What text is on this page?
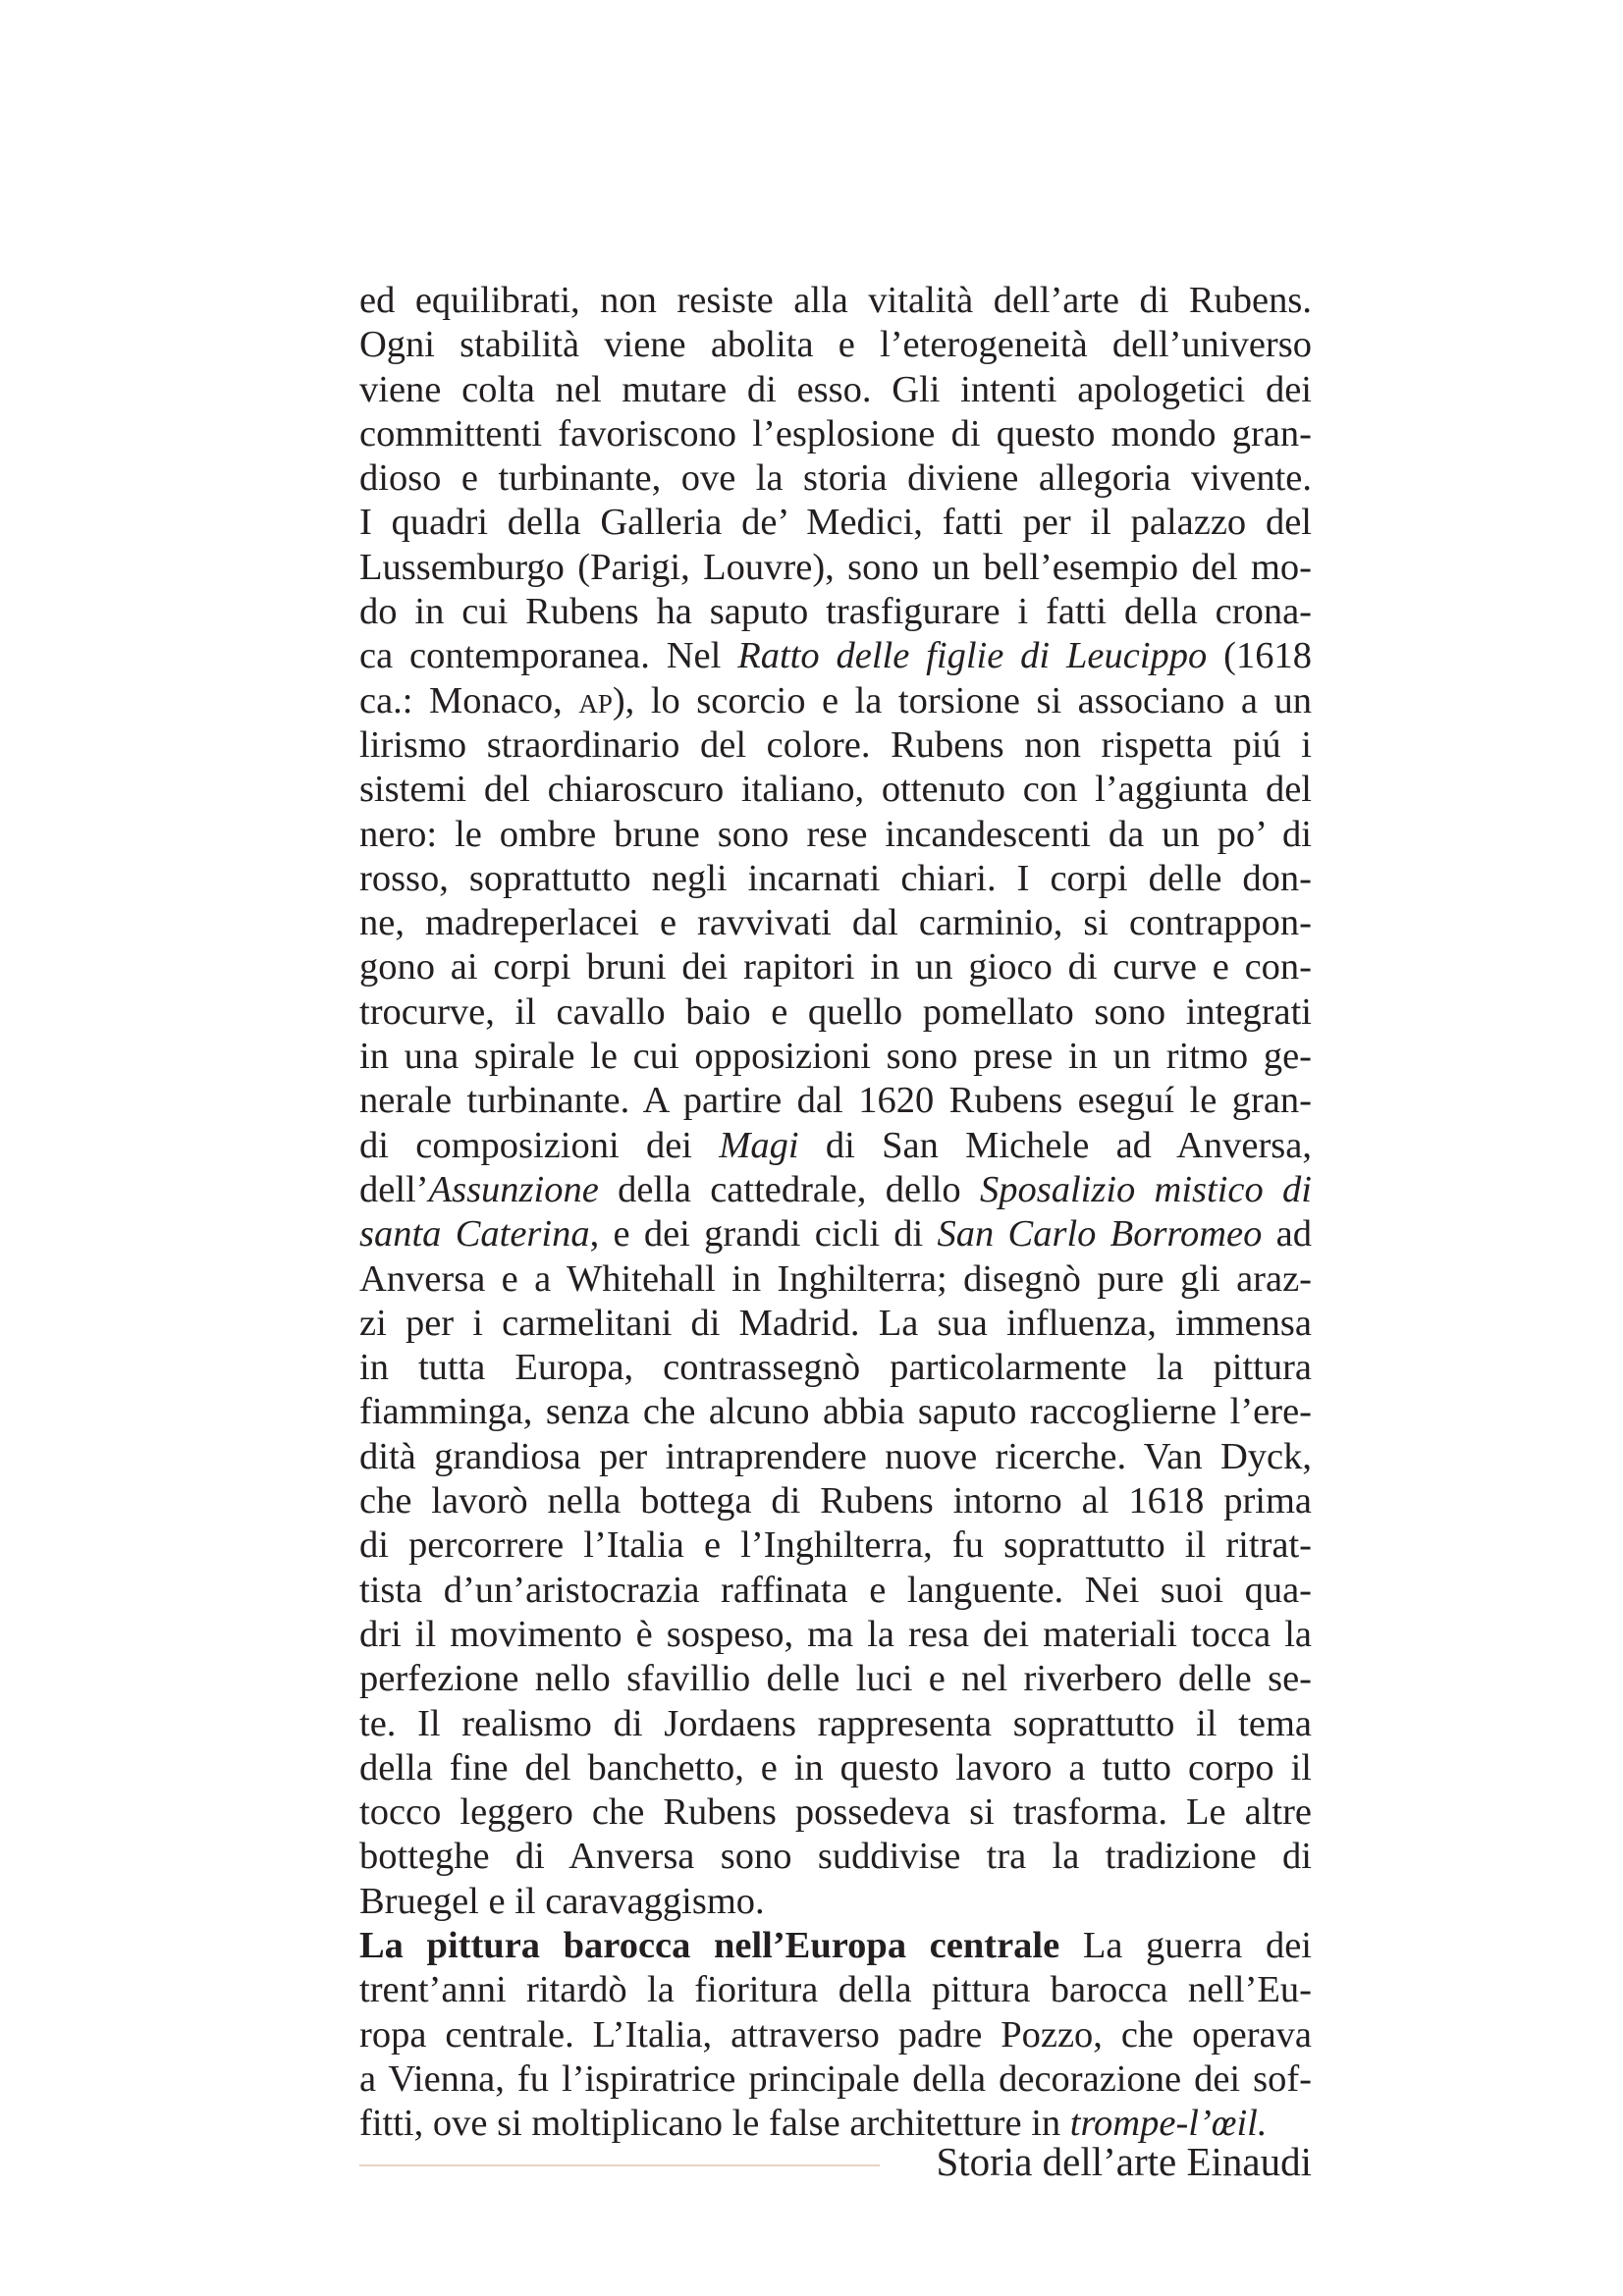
ed equilibrati, non resiste alla vitalità dell’arte di Rubens.
Ogni stabilità viene abolita e l’eterogeneità dell’universo
viene colta nel mutare di esso. Gli intenti apologetici dei
committenti favoriscono l’esplosione di questo mondo gran-
dioso e turbinante, ove la storia diviene allegoria vivente.
I quadri della Galleria de’ Medici, fatti per il palazzo del
Lussemburgo (Parigi, Louvre), sono un bell’esempio del mo-
do in cui Rubens ha saputo trasfigurare i fatti della crona-
ca contemporanea. Nel Ratto delle figlie di Leucippo (1618
ca.: Monaco, ap), lo scorcio e la torsione si associano a un
lirismo straordinario del colore. Rubens non rispetta piú i
sistemi del chiaroscuro italiano, ottenuto con l’aggiunta del
nero: le ombre brune sono rese incandescenti da un po’ di
rosso, soprattutto negli incarnati chiari. I corpi delle don-
ne, madreperlacei e ravvivati dal carminio, si contrappon-
gono ai corpi bruni dei rapitori in un gioco di curve e con-
trocurve, il cavallo baio e quello pomellato sono integrati
in una spirale le cui opposizioni sono prese in un ritmo ge-
nerale turbinante. A partire dal 1620 Rubens eseguí le gran-
di composizioni dei Magi di San Michele ad Anversa,
dell’Assunzione della cattedrale, dello Sposalizio mistico di
santa Caterina, e dei grandi cicli di San Carlo Borromeo ad
Anversa e a Whitehall in Inghilterra; disegnò pure gli araz-
zi per i carmelitani di Madrid. La sua influenza, immensa
in tutta Europa, contrassegnò particolarmente la pittura
fiamminga, senza che alcuno abbia saputo raccoglierne l’ere-
dità grandiosa per intraprendere nuove ricerche. Van Dyck,
che lavorò nella bottega di Rubens intorno al 1618 prima
di percorrere l’Italia e l’Inghilterra, fu soprattutto il ritrat-
tista d’un’aristocrazia raffinata e languente. Nei suoi qua-
dri il movimento è sospeso, ma la resa dei materiali tocca la
perfezione nello sfavillio delle luci e nel riverbero delle se-
te. Il realismo di Jordaens rappresenta soprattutto il tema
della fine del banchetto, e in questo lavoro a tutto corpo il
tocco leggero che Rubens possedeva si trasforma. Le altre
botteghe di Anversa sono suddivise tra la tradizione di
Bruegel e il caravaggismo.
La pittura barocca nell’Europa centrale La guerra dei
trent’anni ritardò la fioritura della pittura barocca nell’Eu-
ropa centrale. L’Italia, attraverso padre Pozzo, che operava
a Vienna, fu l’ispiratrice principale della decorazione dei sof-
fitti, ove si moltiplicano le false architetture in trompe-l’œil.
Storia dell’arte Einaudi
